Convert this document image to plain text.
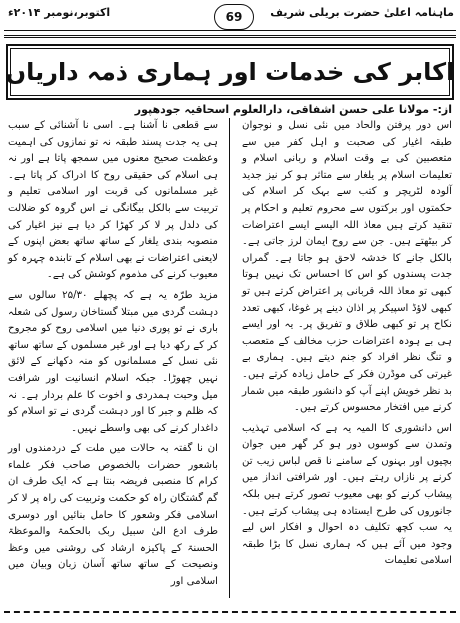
ماہنامہ اعلیٰ حضرت بریلی شریف
69
اکتوبر،نومبر ۲۰۱۴ء
اکابر کی خدمات اور ہماری ذمہ داریاں
از:- مولانا علی حسن اشفاقی، دارالعلوم اسحاقیہ جودھپور

اس دور پرفتن والحاد میں نئی نسل و نوجوان طبقہ اغیار کی صحبت و اہل کفر میں سے متعصبین کی بے وقت اسلام و ربانی اسلام و تعلیمات اسلام پر یلغار سے متاثر ہو کر نیز جدید آلودہ لٹریچر و کتب سے بہک کر اسلام کی حکمتوں اور برکتوں سے محروم تعلیم و احکام پر تنقید کرتے ہیں معاذ اللہ الیسے ایسے اعتراضات کر بیٹھتے ہیں۔ جن سے روح ایمان لرز جاتی ہے۔ بالکل جانے کا خدشہ لاحق ہو جاتا ہے۔ گمراں جدت پسندوں کو اس کا احساس تک نہیں ہوتا کبھی تو معاذ اللہ قربانی پر اعتراض کرتے ہیں تو کبھی لاؤڈ اسپیکر پر اذان دینے پر غوغا، کبھی تعدد نکاح پر تو کبھی طلاق و تفریق پر۔ یہ اور ایسے ہی بے ہودہ اعتراضات حزب مخالف کے متعصب و تنگ نظر افراد کو جنم دیتے ہیں۔ ہماری بے غیرتی کی موڈرن فکر کے حامل زیادہ کرتے ہیں۔ بد نظر خویش اپنے آپ کو دانشور طبقہ میں شمار کرنے میں افتخار محسوس کرتے ہیں۔

اس دانشوری کا المیہ یہ ہے کہ اسلامی تہذیب وتمدن سے کوسوں دور ہو کر گھر میں جوان بچیوں اور بہنوں کے سامنے نا قص لباس زیب تن کرنے پر نازاں رہتے ہیں۔ اور شرافتی انداز میں پیشاب کرنے کو بھی معیوب تصور کرتے ہیں بلکہ جانوروں کی طرح ایستادہ ہی پیشاب کرتے ہیں۔ یہ سب کچھ تکلیف دہ احوال و افکار اس لیے وجود میں آئے ہیں کہ ہماری نسل کا بڑا طبقہ اسلامی تعلیمات

سے قطعی نا آشنا ہے۔ اسی نا آشنائی کے سبب ہی یہ جدت پسند طبقہ نہ تو نمازوں کی اہمیت وعظمت صحیح معنوں میں سمجھ پاتا ہے اور نہ ہی اسلام کی حقیقی روح کا ادراک کر پاتا ہے۔ غیر مسلمانوں کی قربت اور اسلامی تعلیم و تربیت سے بالکل بیگانگی نے اس گروہ کو ضلالت کی دلدل پر لا کر کھڑا کر دیا ہے نیز اغیار کی منصوبہ بندی یلغار کے ساتھ ساتھ بعض اپنوں کے لایعنی اعتراضات نے بھی اسلام کے تابندہ چہرہ کو معیوب کرنے کی مذموم کوشش کی ہے۔

مزید طرّہ یہ ہے کہ پچھلے ۲۵/۳۰ سالوں سے دہشت گردی میں مبتلا گستاخان رسول کی شعلہ باری نے تو پوری دنیا میں اسلامی روح کو مجروح کر کے رکھ دیا ہے اور غیر مسلموں کے ساتھ ساتھ نئی نسل کے مسلمانوں کو منہ دکھانے کے لائق نہیں چھوڑا۔ جبکہ اسلام انسانیت اور شرافت میل وحبت ہمدردی و اخوت کا علم بردار ہے۔ نہ کہ ظلم و جبر کا اور دہشت گردی نے تو اسلام کو داغدار کرنے کی بھی واسطے نہیں۔

ان نا گفتہ بہ حالات میں ملت کے دردمندوں اور باشعور حضرات بالخصوص صاحب فکر علماء کرام کا منصبی فریضہ بنتا ہے کہ ایک طرف ان گم گشتگان راہ کو حکمت وتربیت کی راہ پر لا کر اسلامی فکر وشعور کا حامل بنائیں اور دوسری طرف ادع الیٰ سبیل ربک بالحکمۃ والموعظۃ الحسنۃ کے پاکیزہ ارشاد کی روشنی میں وعظ ونصیحت کے ساتھ ساتھ آسان زبان وبیان میں اسلامی اور
